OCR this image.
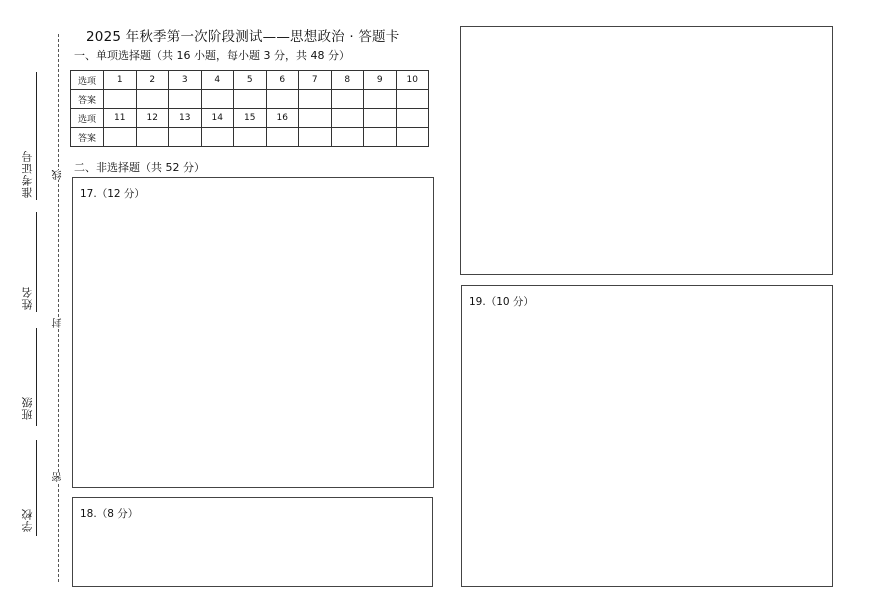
准考证号
姓名
班级
学校
线
封
密
2025 年秋季第一次阶段测试——思想政治 · 答题卡
一、单项选择题（共 16 小题，每小题 3 分，共 48 分）
选项	1	2	3	4	5	6	7	8	9	10
答案										
选项	11	12	13	14	15	16				
答案										
二、非选择题（共 52 分）
17.（12 分）
18.（8 分）
19.（10 分）
